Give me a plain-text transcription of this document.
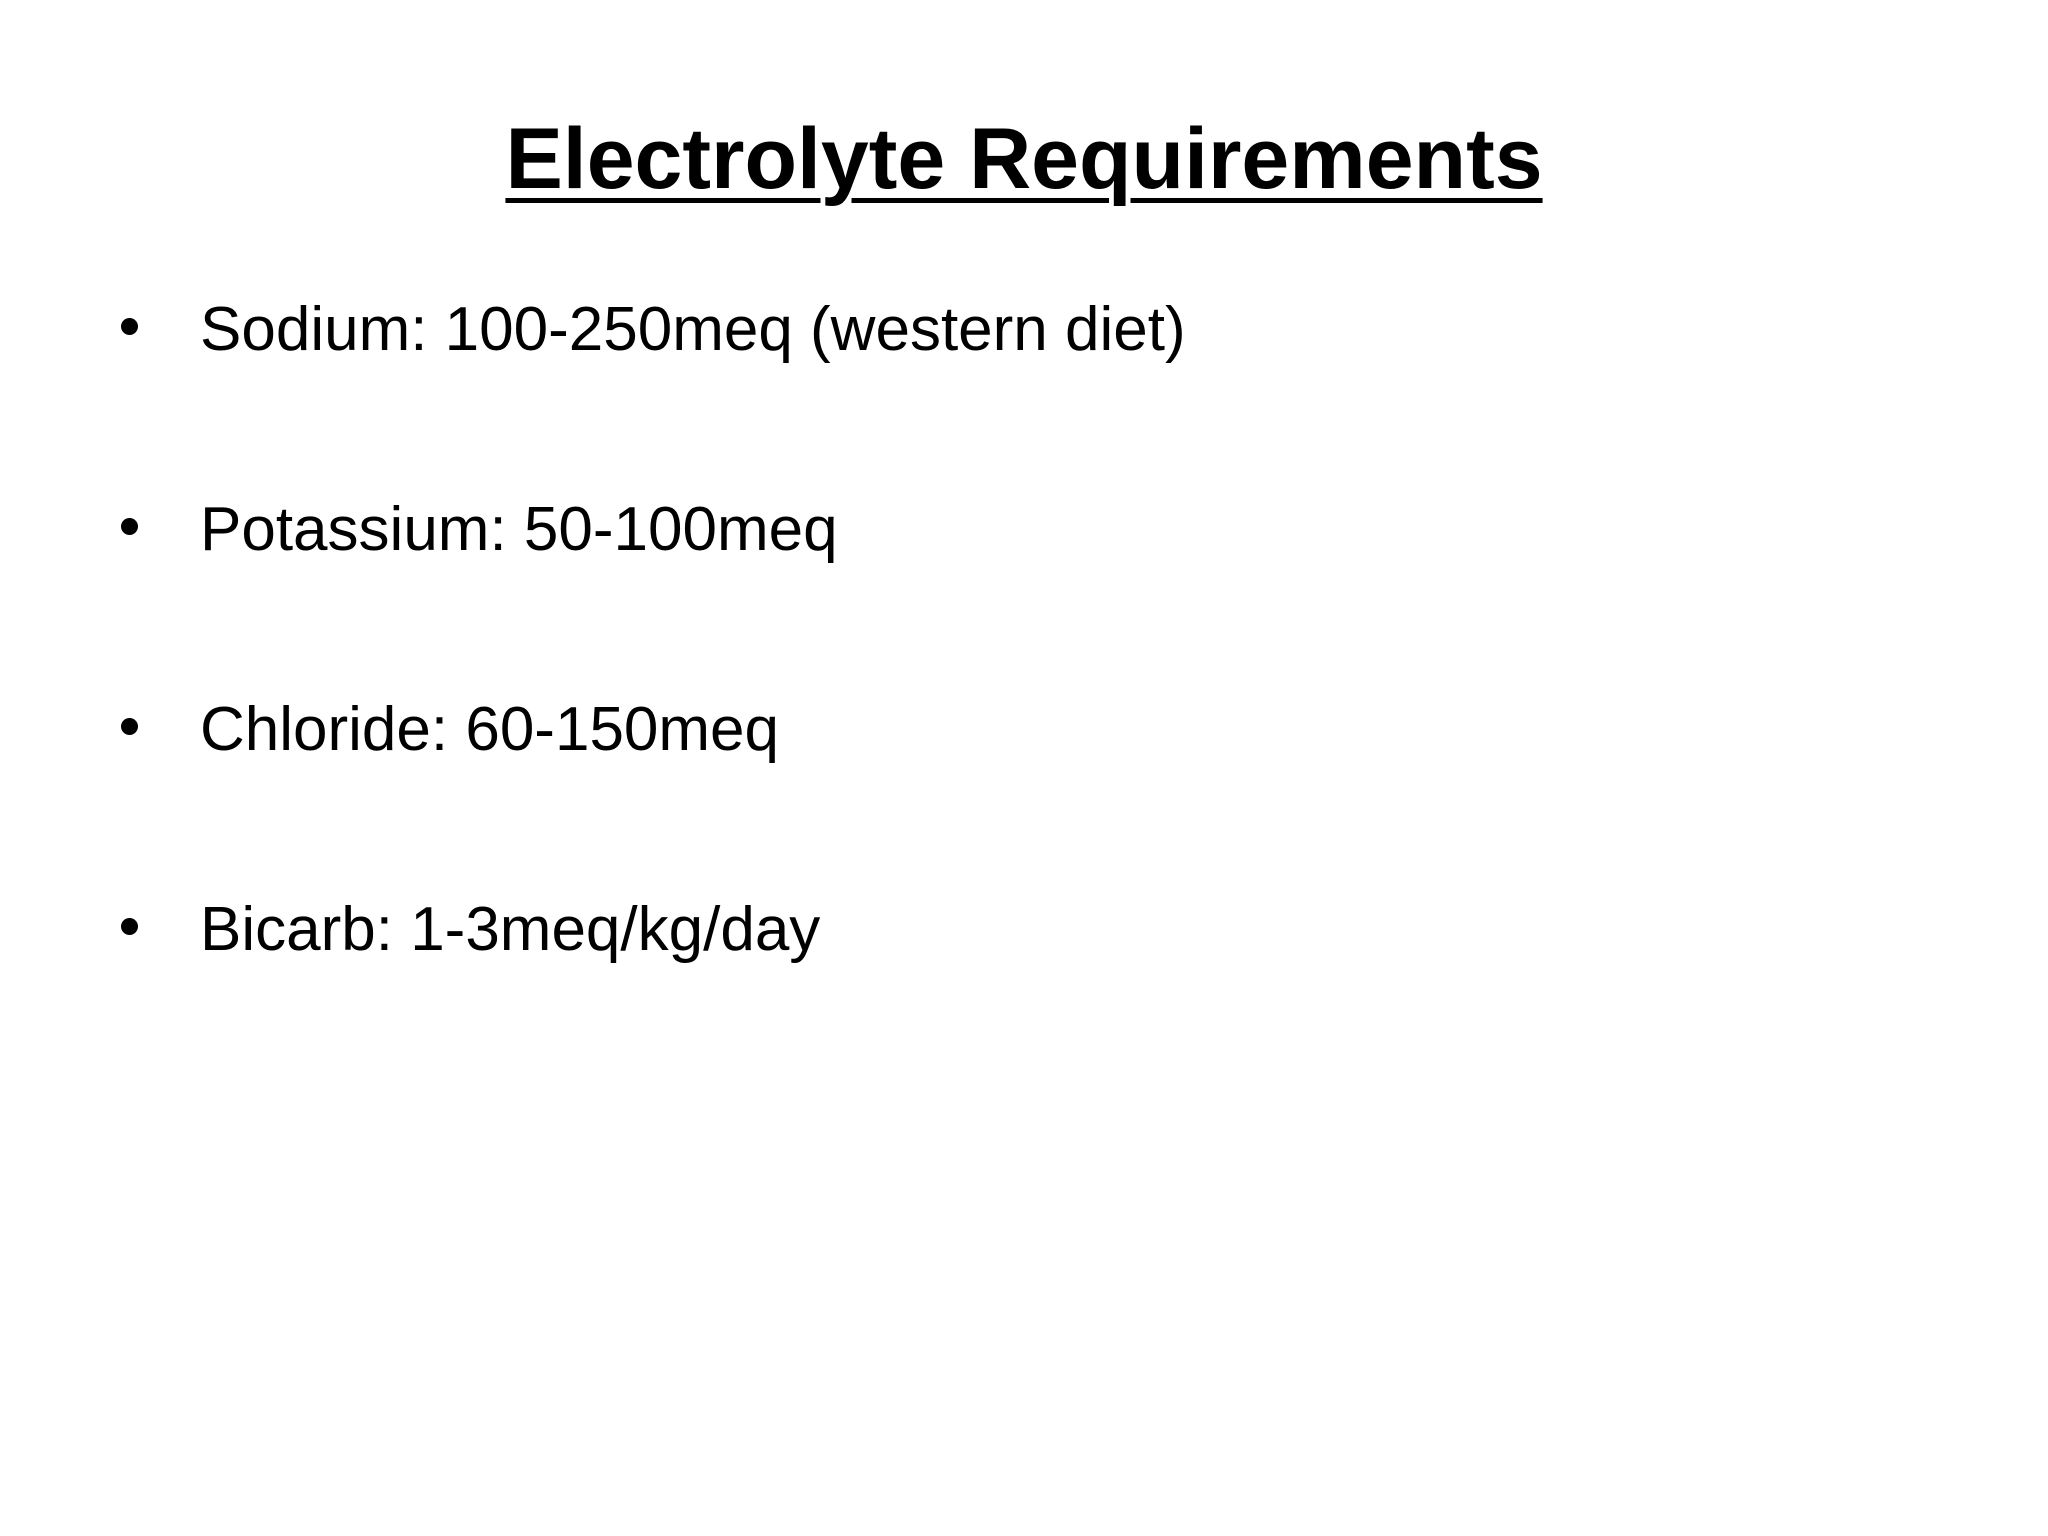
Electrolyte Requirements
Sodium: 100-250meq (western diet)
Potassium: 50-100meq
Chloride: 60-150meq
Bicarb: 1-3meq/kg/day
